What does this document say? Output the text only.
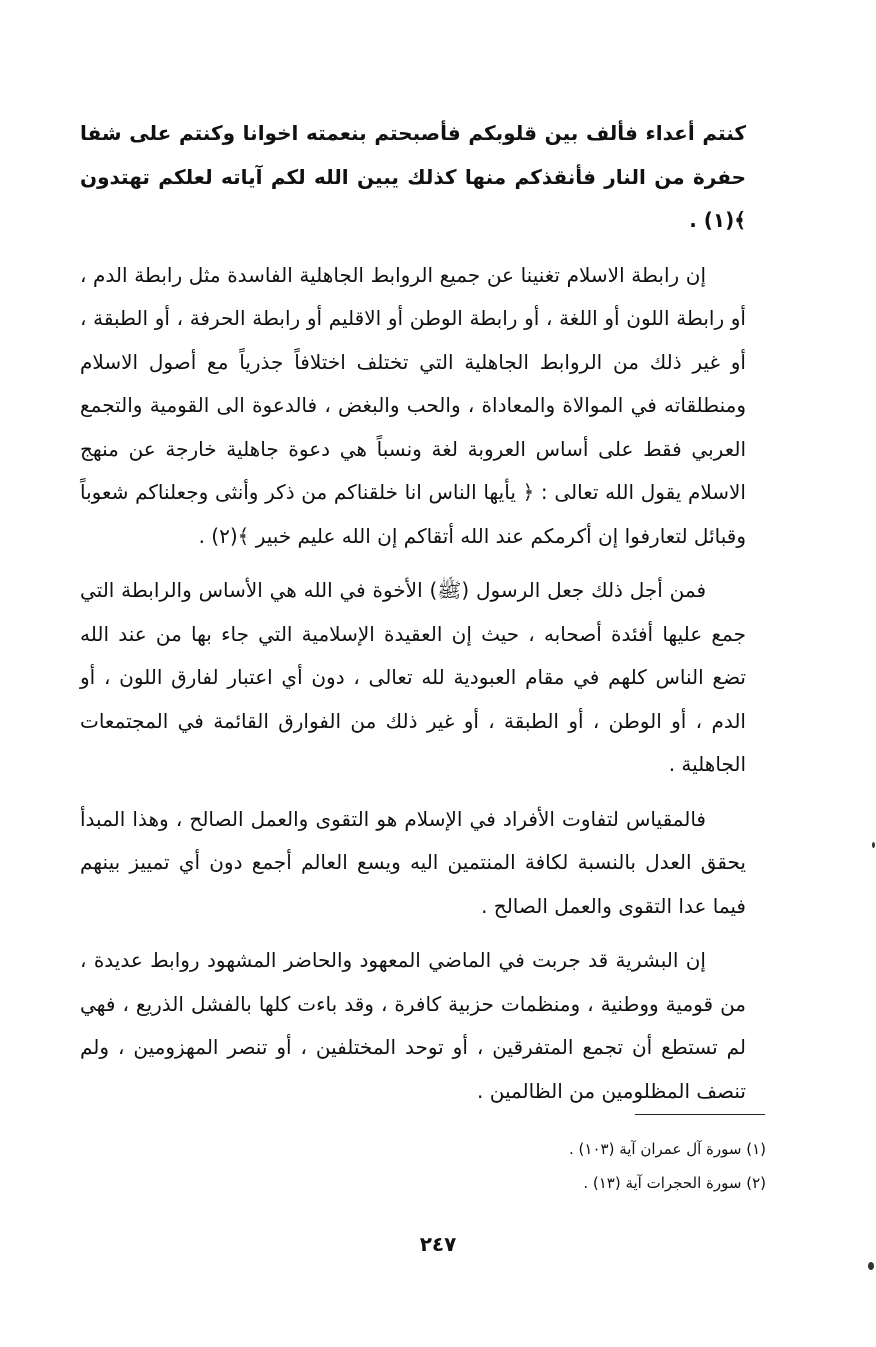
كنتم أعداء فألف بين قلوبكم فأصبحتم بنعمته اخوانا وكنتم على شفا حفرة من النار فأنقذكم منها كذلك يبين الله لكم آياته لعلكم تهتدون ﴾(١) .

إن رابطة الاسلام تغنينا عن جميع الروابط الجاهلية الفاسدة مثل رابطة الدم ، أو رابطة اللون أو اللغة ، أو رابطة الوطن أو الاقليم أو رابطة الحرفة ، أو الطبقة ، أو غير ذلك من الروابط الجاهلية التي تختلف اختلافاً جذرياً مع أصول الاسلام ومنطلقاته في الموالاة والمعاداة ، والحب والبغض ، فالدعوة الى القومية والتجمع العربي فقط على أساس العروبة لغة ونسباً هي دعوة جاهلية خارجة عن منهج الاسلام يقول الله تعالى : ﴿ يأيها الناس انا خلقناكم من ذكر وأنثى وجعلناكم شعوباً وقبائل لتعارفوا إن أكرمكم عند الله أتقاكم إن الله عليم خبير ﴾(٢) .

فمن أجل ذلك جعل الرسول (ﷺ) الأخوة في الله هي الأساس والرابطة التي جمع عليها أفئدة أصحابه ، حيث إن العقيدة الإسلامية التي جاء بها من عند الله تضع الناس كلهم في مقام العبودية لله تعالى ، دون أي اعتبار لفارق اللون ، أو الدم ، أو الوطن ، أو الطبقة ، أو غير ذلك من الفوارق القائمة في المجتمعات الجاهلية .

فالمقياس لتفاوت الأفراد في الإسلام هو التقوى والعمل الصالح ، وهذا المبدأ يحقق العدل بالنسبة لكافة المنتمين اليه ويسع العالم أجمع دون أي تمييز بينهم فيما عدا التقوى والعمل الصالح .

إن البشرية قد جربت في الماضي المعهود والحاضر المشهود روابط عديدة ، من قومية ووطنية ، ومنظمات حزبية كافرة ، وقد باءت كلها بالفشل الذريع ، فهي لم تستطع أن تجمع المتفرقين ، أو توحد المختلفين ، أو تنصر المهزومين ، ولم تنصف المظلومين من الظالمين .

(١) سورة آل عمران آية (١٠٣) .
(٢) سورة الحجرات آية (١٣) .
٢٤٧
